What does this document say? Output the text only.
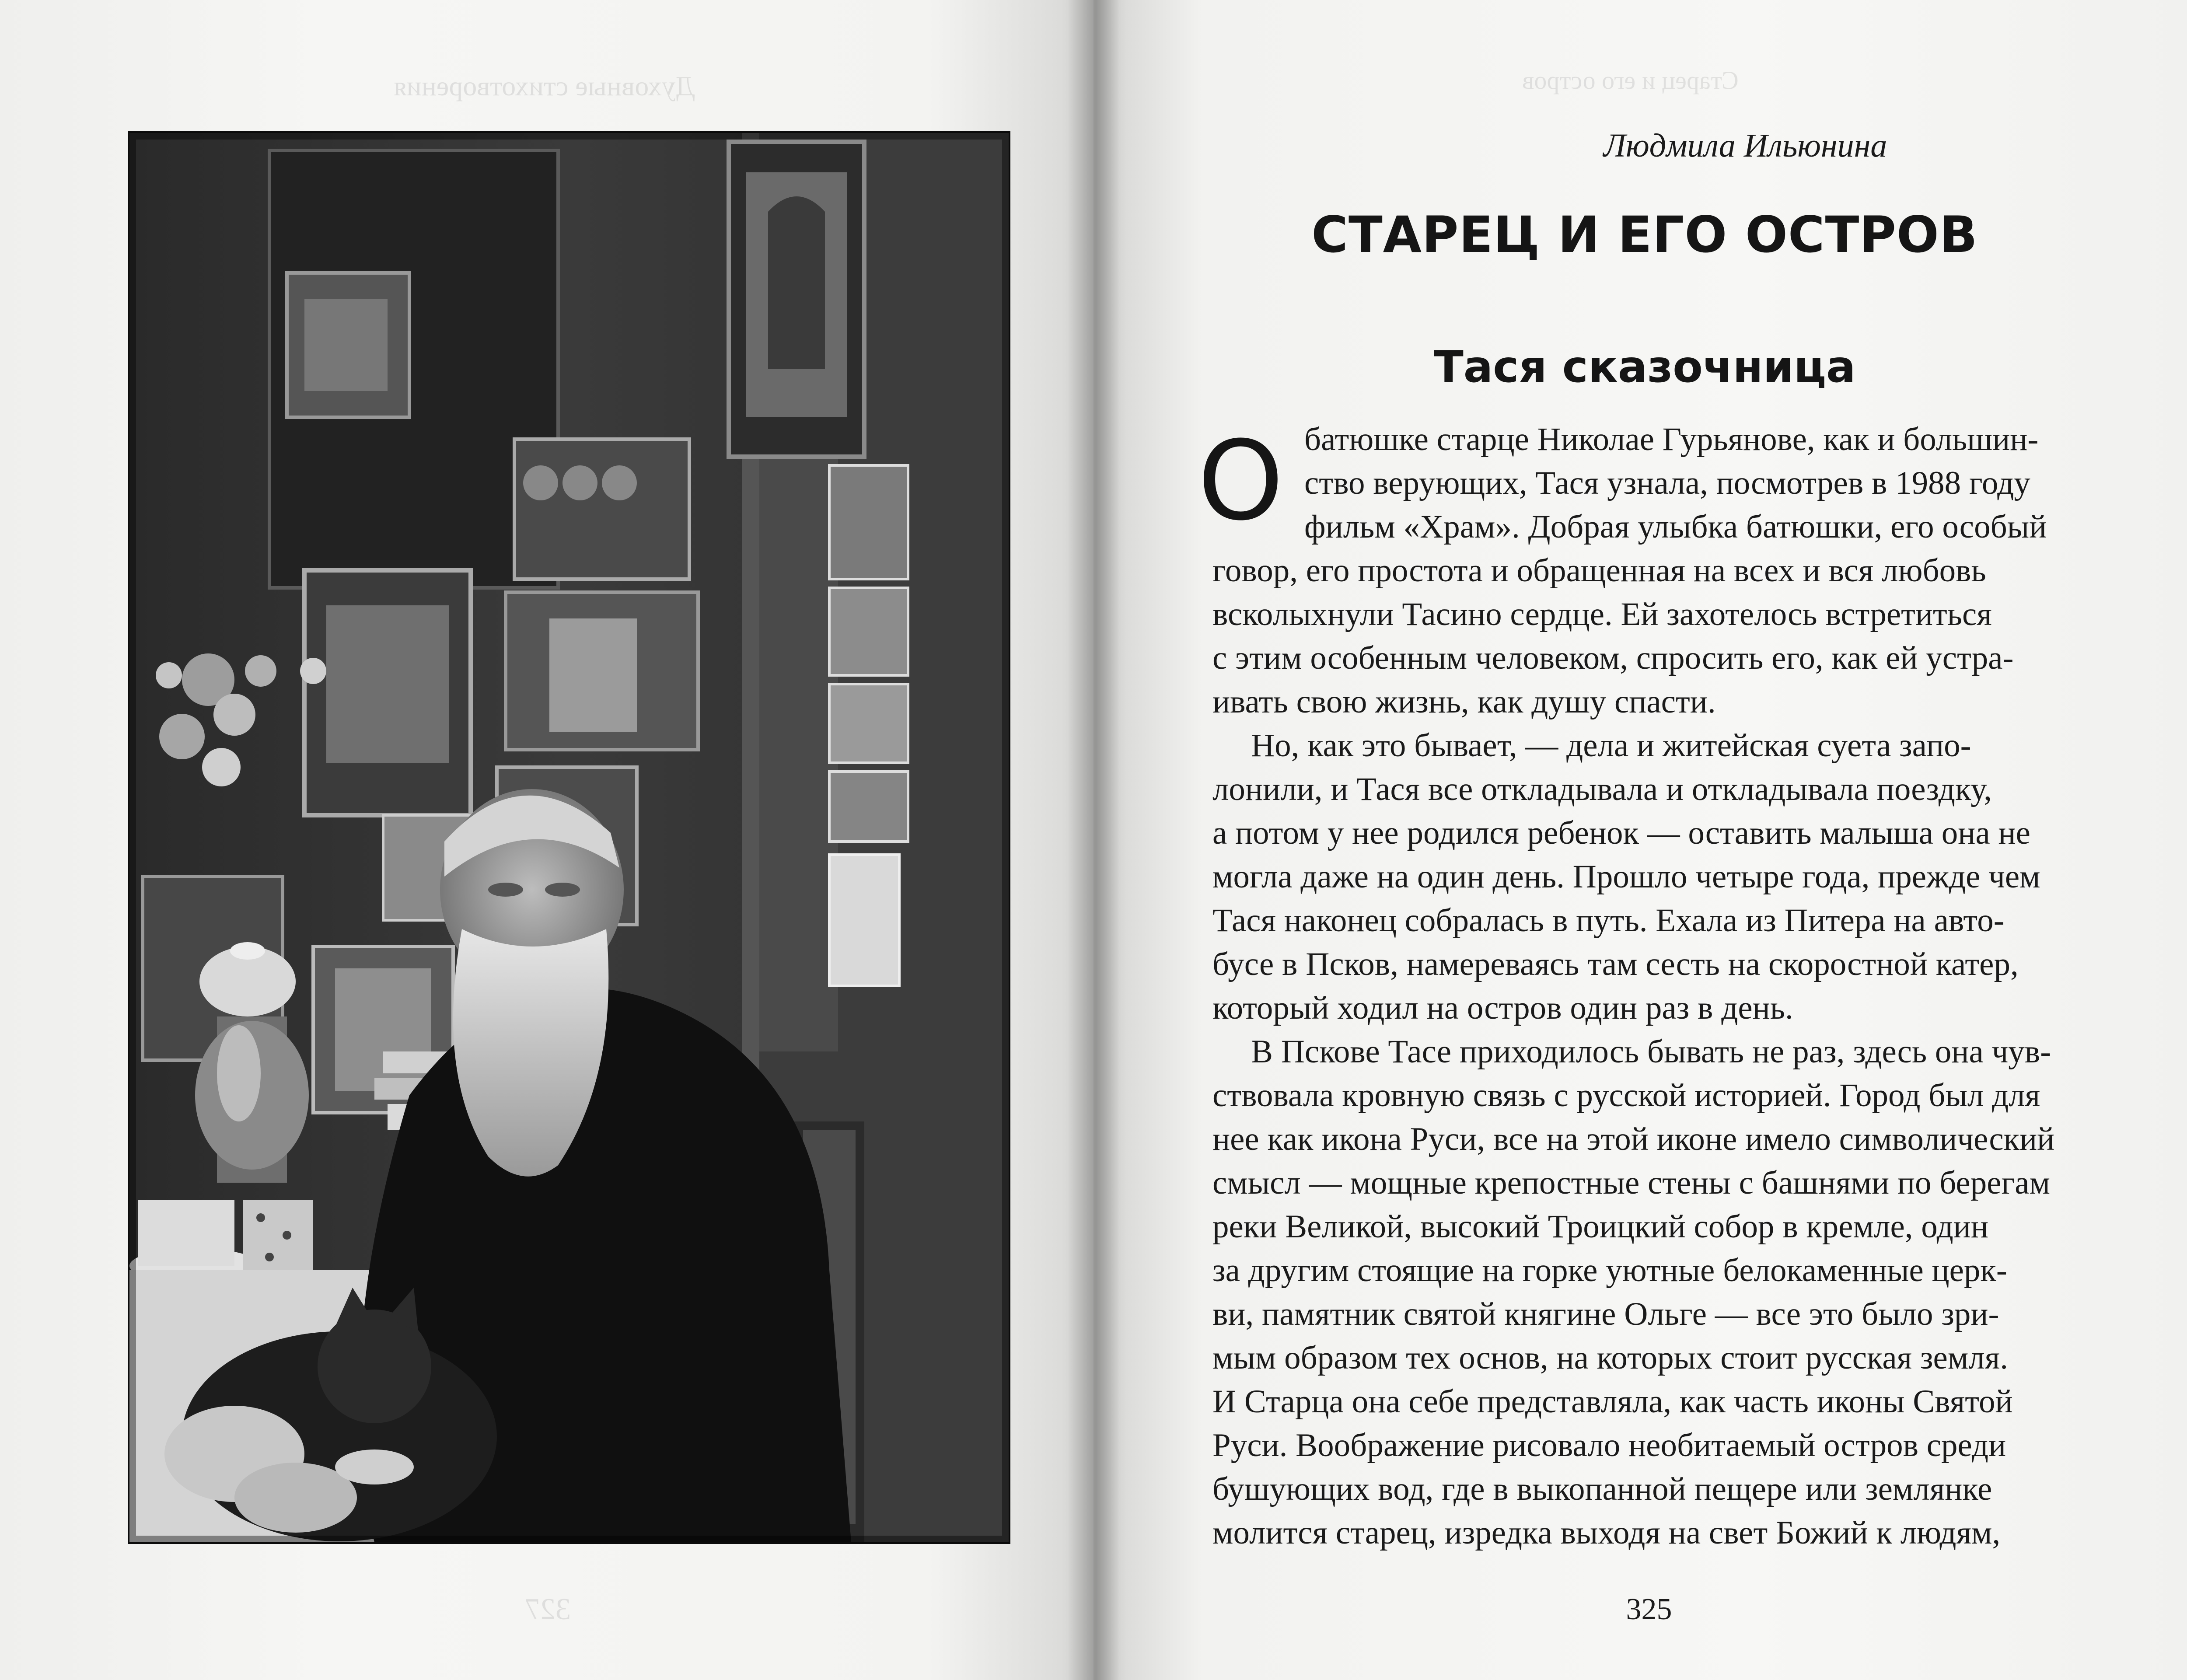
Духовные стихотворения	Старец и его остров
327
Людмила Ильюнина
СТАРЕЦ И ЕГО ОСТРОВ
Тася сказочница
О батюшке старце Николае Гурьянове, как и большин-
ство верующих, Тася узнала, посмотрев в 1988 году
фильм «Храм». Добрая улыбка батюшки, его особый
говор, его простота и обращенная на всех и вся любовь
всколыхнули Тасино сердце. Ей захотелось встретиться
с этим особенным человеком, спросить его, как ей устра-
ивать свою жизнь, как душу спасти.
Но, как это бывает, — дела и житейская суета запо-
лонили, и Тася все откладывала и откладывала поездку,
а потом у нее родился ребенок — оставить малыша она не
могла даже на один день. Прошло четыре года, прежде чем
Тася наконец собралась в путь. Ехала из Питера на авто-
бусе в Псков, намереваясь там сесть на скоростной катер,
который ходил на остров один раз в день.
В Пскове Тасе приходилось бывать не раз, здесь она чув-
ствовала кровную связь с русской историей. Город был для
нее как икона Руси, все на этой иконе имело символический
смысл — мощные крепостные стены с башнями по берегам
реки Великой, высокий Троицкий собор в кремле, один
за другим стоящие на горке уютные белокаменные церк-
ви, памятник святой княгине Ольге — все это было зри-
мым образом тех основ, на которых стоит русская земля.
И Старца она себе представляла, как часть иконы Святой
Руси. Воображение рисовало необитаемый остров среди
бушующих вод, где в выкопанной пещере или землянке
молится старец, изредка выходя на свет Божий к людям,
325
